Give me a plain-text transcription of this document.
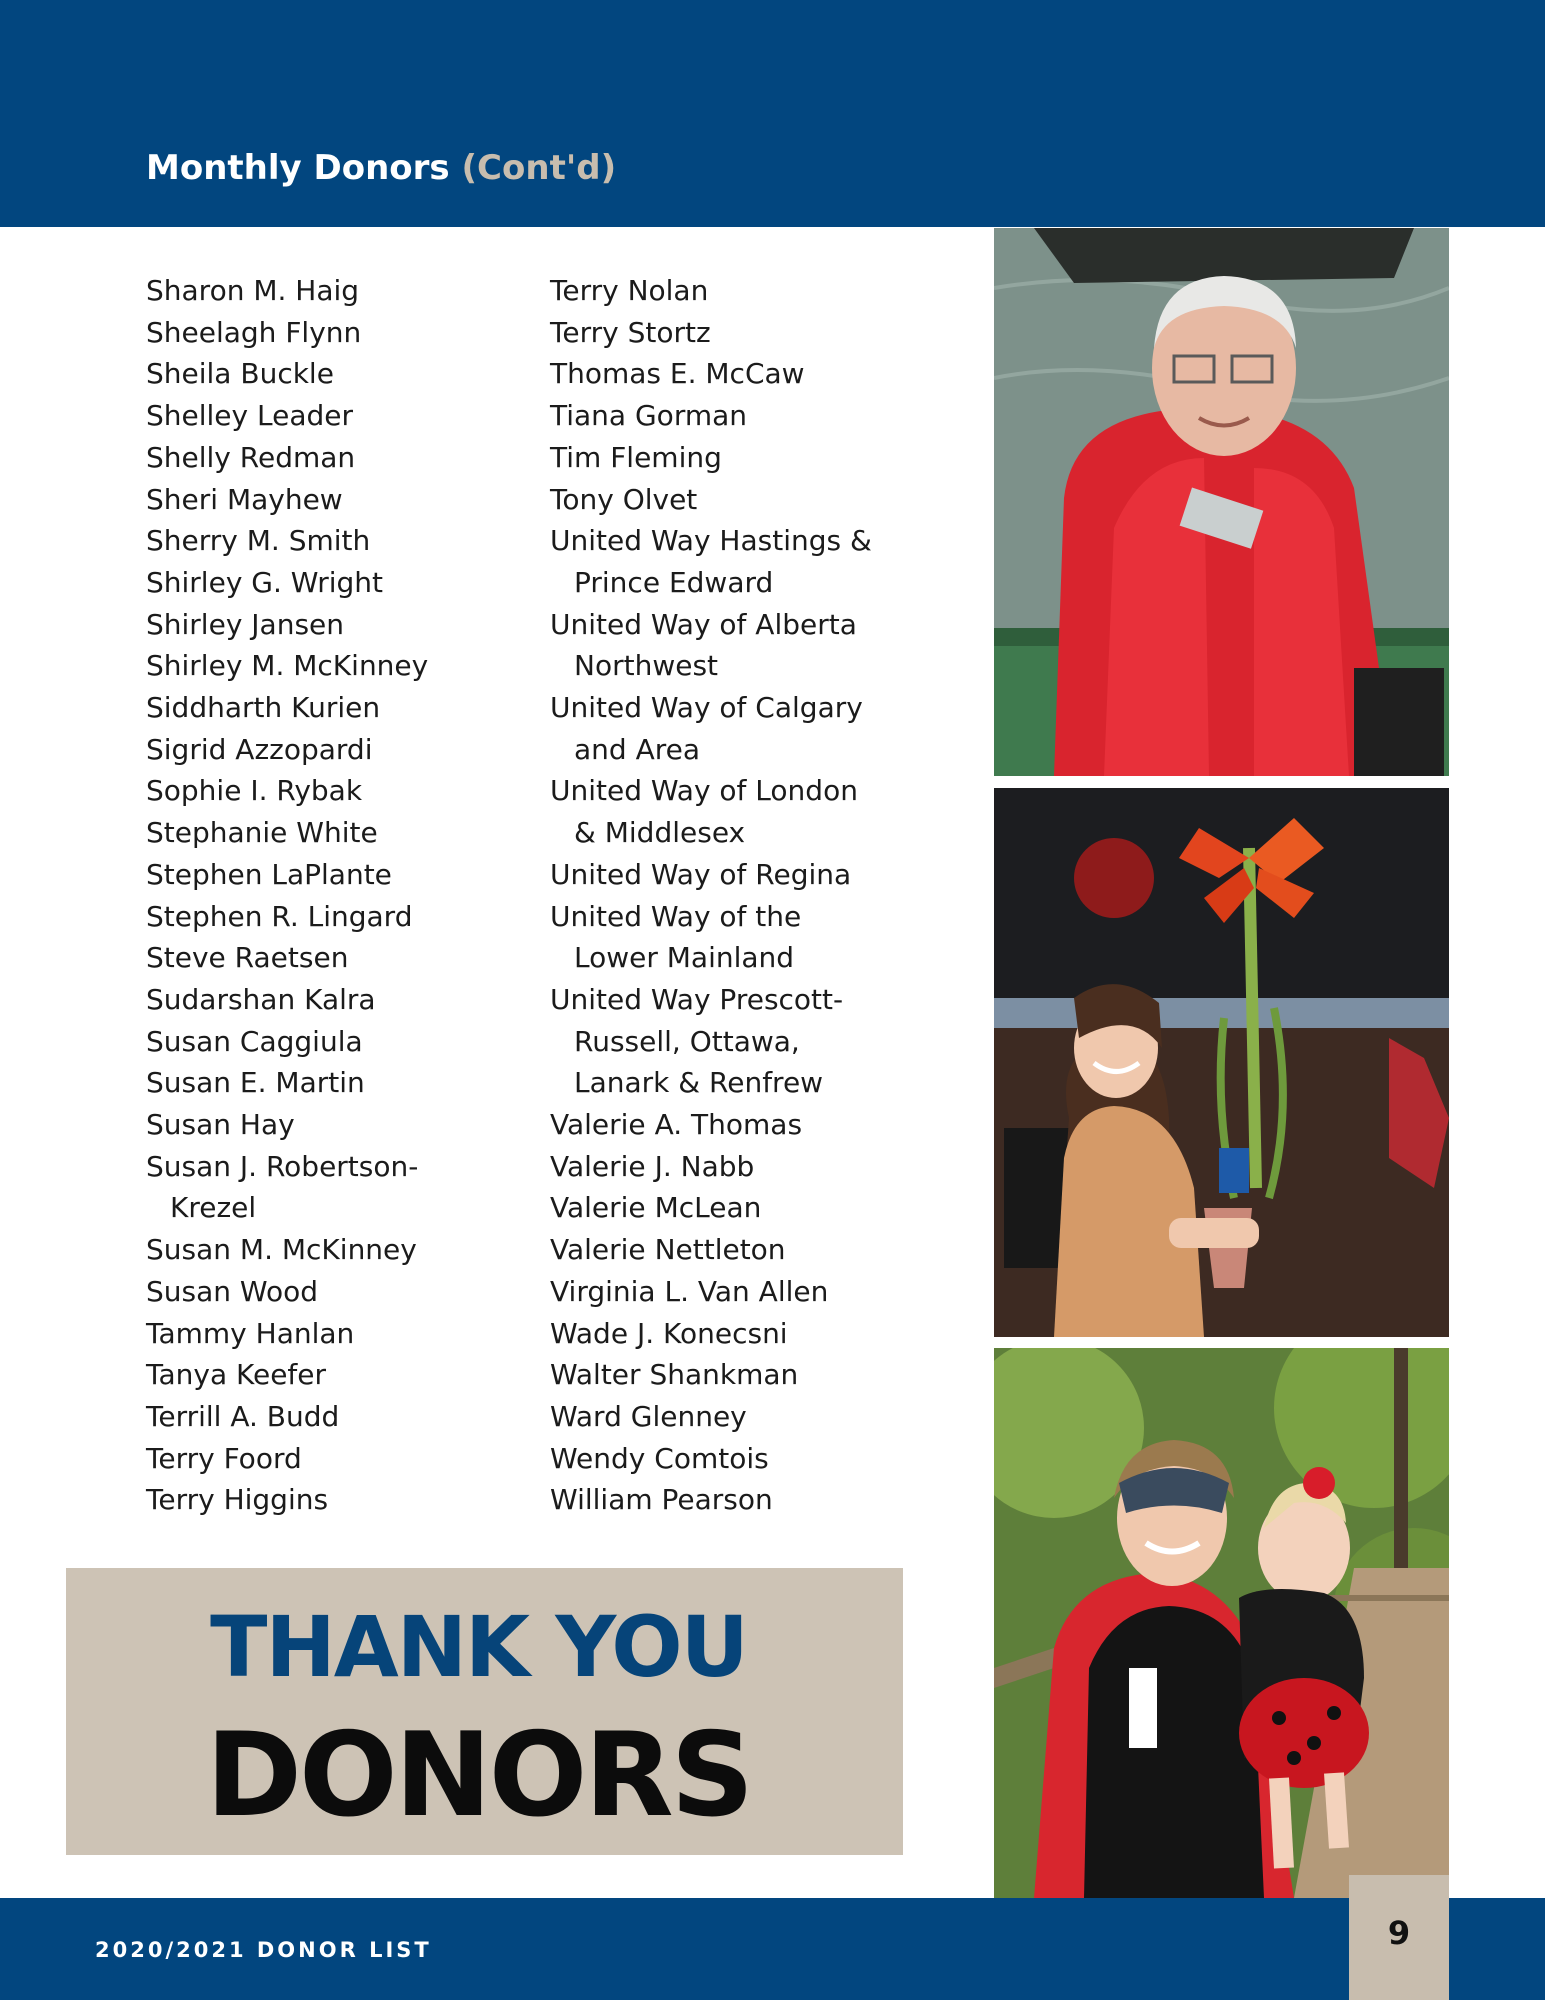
Monthly Donors (Cont'd)
Sharon M. Haig
Sheelagh Flynn
Sheila Buckle
Shelley Leader
Shelly Redman
Sheri Mayhew
Sherry M. Smith
Shirley G. Wright
Shirley Jansen
Shirley M. McKinney
Siddharth Kurien
Sigrid Azzopardi
Sophie I. Rybak
Stephanie White
Stephen LaPlante
Stephen R. Lingard
Steve Raetsen
Sudarshan Kalra
Susan Caggiula
Susan E. Martin
Susan Hay
Susan J. Robertson-
Krezel
Susan M. McKinney
Susan Wood
Tammy Hanlan
Tanya Keefer
Terrill A. Budd
Terry Foord
Terry Higgins
Terry Nolan
Terry Stortz
Thomas E. McCaw
Tiana Gorman
Tim Fleming
Tony Olvet
United Way Hastings &
Prince Edward
United Way of Alberta
Northwest
United Way of Calgary
and Area
United Way of London
& Middlesex
United Way of Regina
United Way of the
Lower Mainland
United Way Prescott-
Russell, Ottawa,
Lanark & Renfrew
Valerie A. Thomas
Valerie J. Nabb
Valerie McLean
Valerie Nettleton
Virginia L. Van Allen
Wade J. Konecsni
Walter Shankman
Ward Glenney
Wendy Comtois
William Pearson
THANK YOU
DONORS
2020/2021 DONOR LIST	9
